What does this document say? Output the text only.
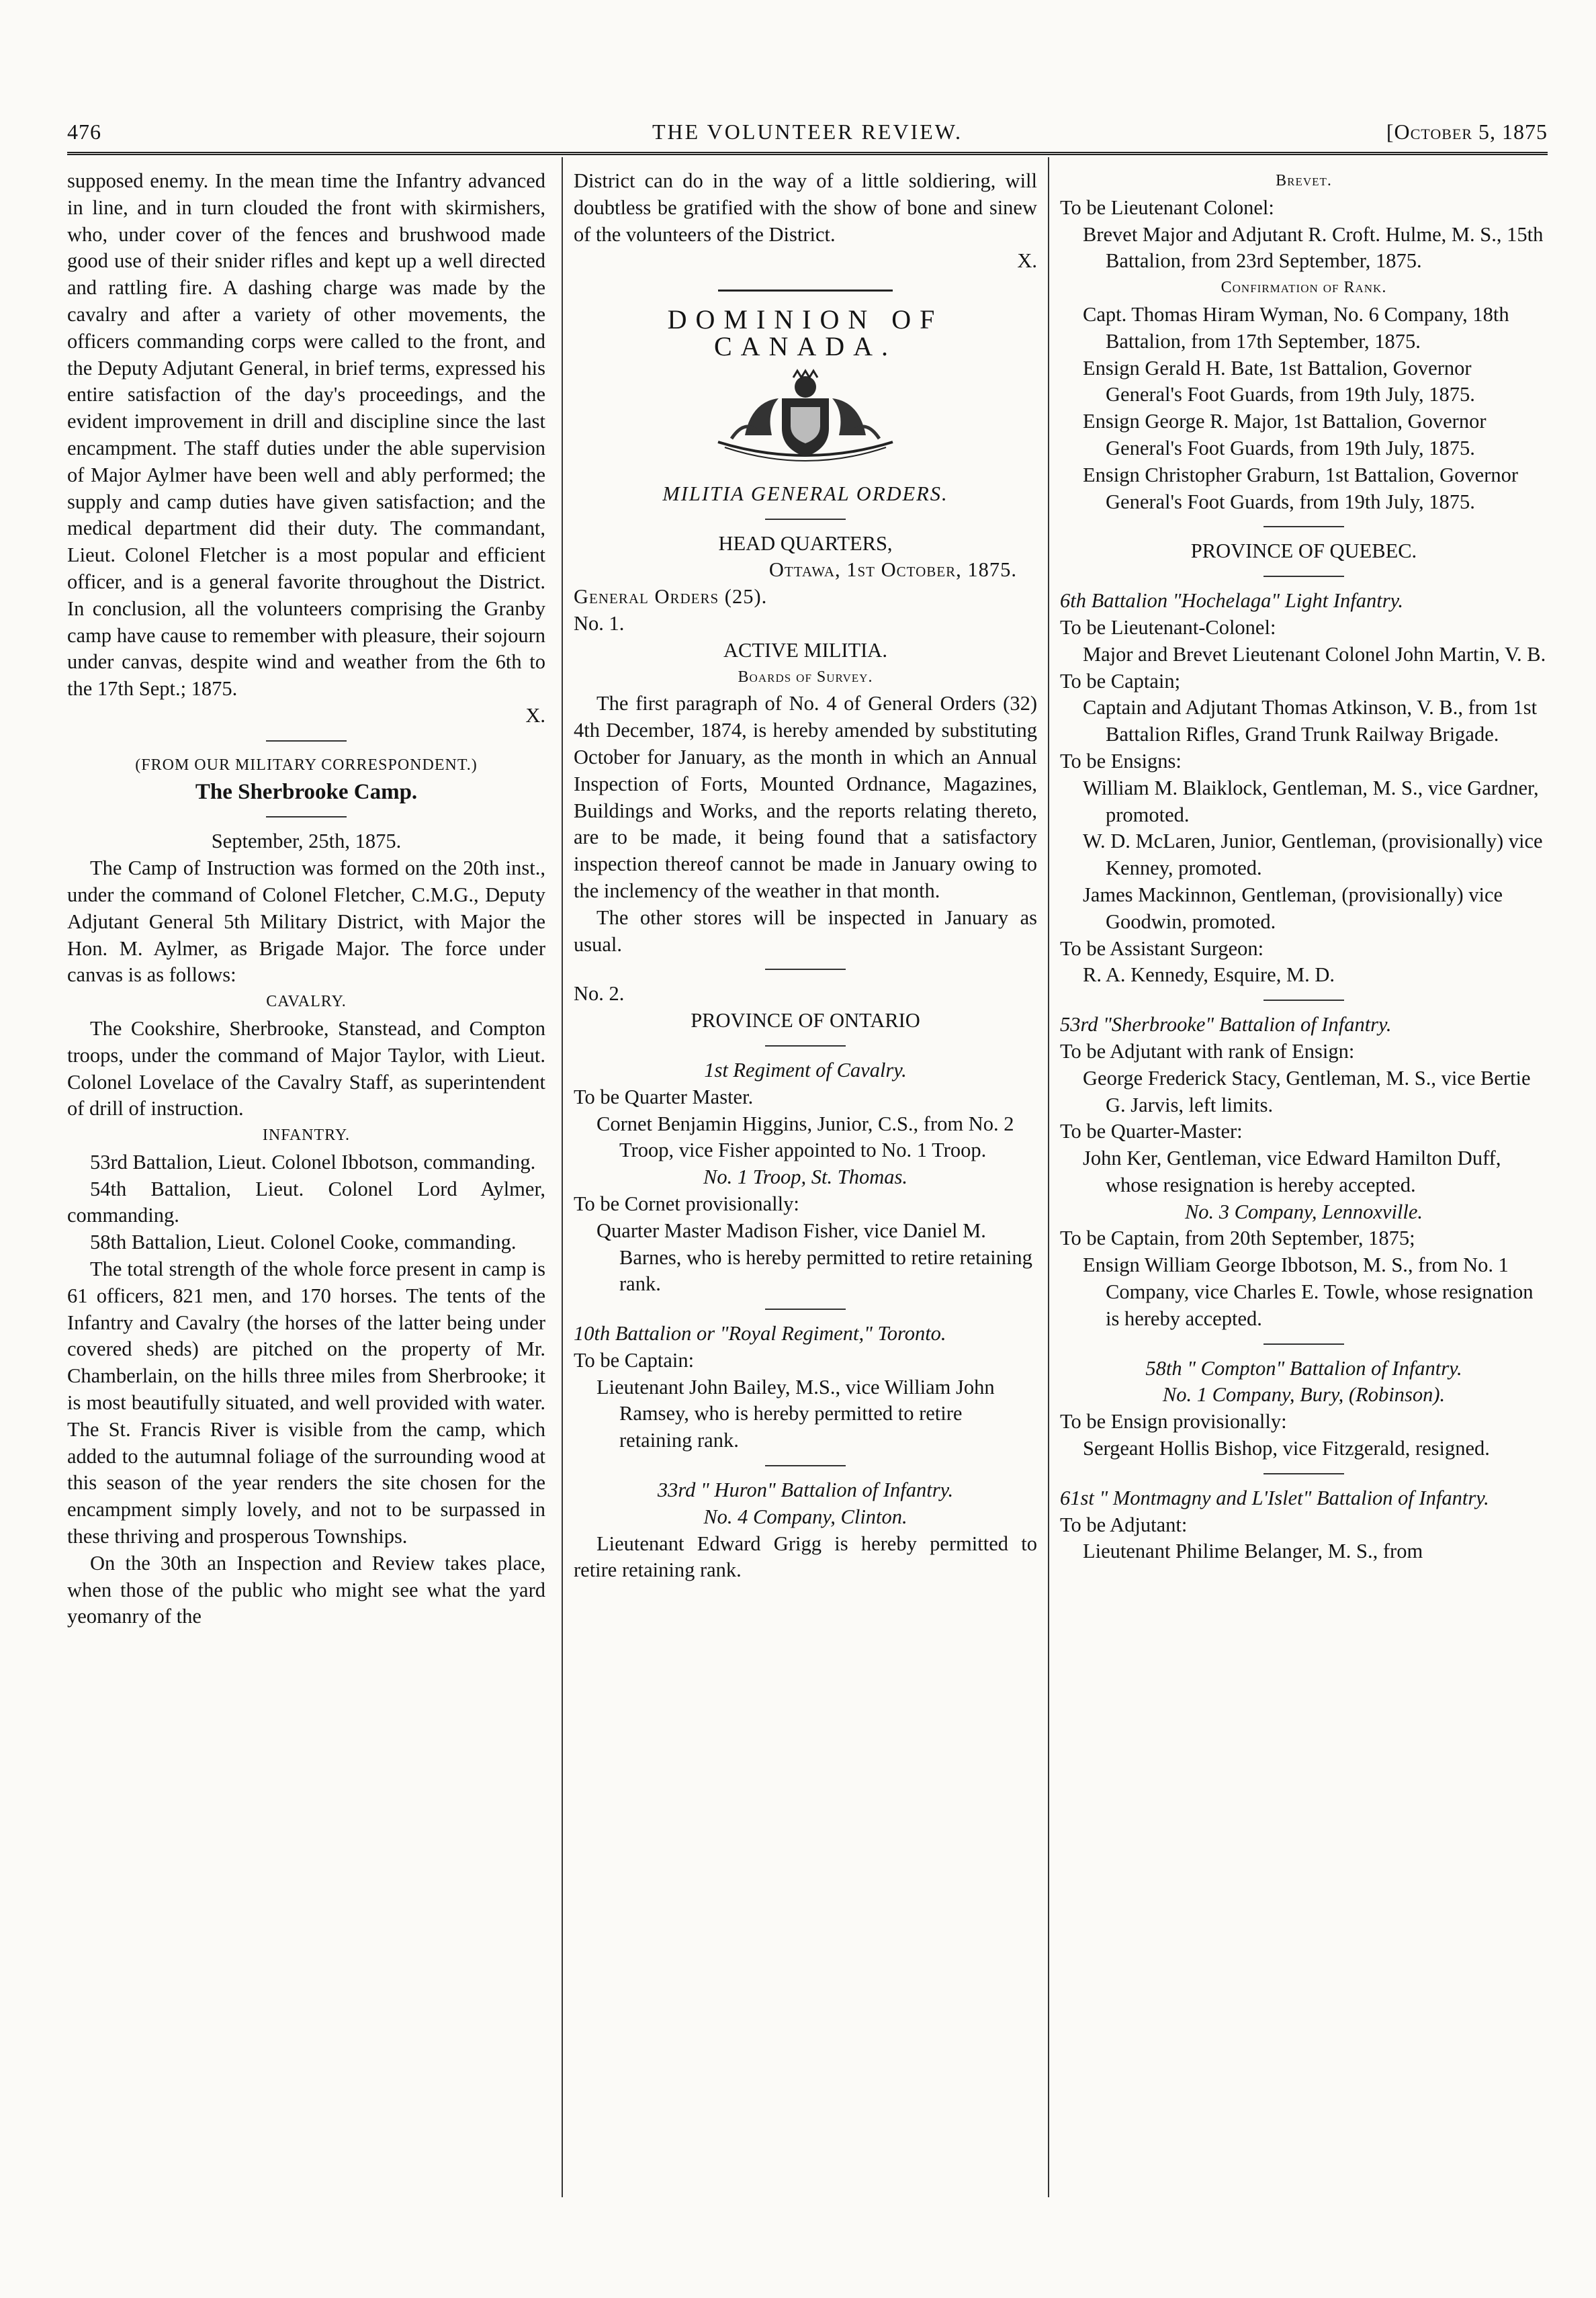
476	THE VOLUNTEER REVIEW.	[October 5, 1875

supposed enemy. In the mean time the Infantry advanced in line, and in turn clouded the front with skirmishers, who, under cover of the fences and brushwood made good use of their snider rifles and kept up a well directed and rattling fire. A dashing charge was made by the cavalry and after a variety of other movements, the officers commanding corps were called to the front, and the Deputy Adjutant General, in brief terms, expressed his entire satisfaction of the day's proceedings, and the evident improvement in drill and discipline since the last encampment. The staff duties under the able supervision of Major Aylmer have been well and ably performed; the supply and camp duties have given satisfaction; and the medical department did their duty. The commandant, Lieut. Colonel Fletcher is a most popular and efficient officer, and is a general favorite throughout the District. In conclusion, all the volunteers comprising the Granby camp have cause to remember with pleasure, their sojourn under canvas, despite wind and weather from the 6th to the 17th Sept.; 1875.

X.

(FROM OUR MILITARY CORRESPONDENT.)

The Sherbrooke Camp.

September, 25th, 1875.

The Camp of Instruction was formed on the 20th inst., under the command of Colonel Fletcher, C.M.G., Deputy Adjutant General 5th Military District, with Major the Hon. M. Aylmer, as Brigade Major. The force under canvas is as follows:

CAVALRY.

The Cookshire, Sherbrooke, Stanstead, and Compton troops, under the command of Major Taylor, with Lieut. Colonel Lovelace of the Cavalry Staff, as superintendent of drill of instruction.

INFANTRY.

53rd Battalion, Lieut. Colonel Ibbotson, commanding.

54th Battalion, Lieut. Colonel Lord Aylmer, commanding.

58th Battalion, Lieut. Colonel Cooke, commanding.

The total strength of the whole force present in camp is 61 officers, 821 men, and 170 horses. The tents of the Infantry and Cavalry (the horses of the latter being under covered sheds) are pitched on the property of Mr. Chamberlain, on the hills three miles from Sherbrooke; it is most beautifully situated, and well provided with water. The St. Francis River is visible from the camp, which added to the autumnal foliage of the surrounding wood at this season of the year renders the site chosen for the encampment simply lovely, and not to be surpassed in these thriving and prosperous Townships.

On the 30th an Inspection and Review takes place, when those of the public who might see what the yard yeomanry of the

District can do in the way of a little soldiering, will doubtless be gratified with the show of bone and sinew of the volunteers of the District.

X.

DOMINION OF CANADA.

MILITIA GENERAL ORDERS.

HEAD QUARTERS,

Ottawa, 1st October, 1875.

General Orders (25).

No. 1.

ACTIVE MILITIA.

Boards of Survey.

The first paragraph of No. 4 of General Orders (32) 4th December, 1874, is hereby amended by substituting October for January, as the month in which an Annual Inspection of Forts, Mounted Ordnance, Magazines, Buildings and Works, and the reports relating thereto, are to be made, it being found that a satisfactory inspection thereof cannot be made in January owing to the inclemency of the weather in that month.

The other stores will be inspected in January as usual.

No. 2.

PROVINCE OF ONTARIO

1st Regiment of Cavalry.

To be Quarter Master.

Cornet Benjamin Higgins, Junior, C.S., from No. 2 Troop, vice Fisher appointed to No. 1 Troop.

No. 1 Troop, St. Thomas.

To be Cornet provisionally:

Quarter Master Madison Fisher, vice Daniel M. Barnes, who is hereby permitted to retire retaining rank.

10th Battalion or "Royal Regiment," Toronto.

To be Captain:

Lieutenant John Bailey, M.S., vice William John Ramsey, who is hereby permitted to retire retaining rank.

33rd " Huron" Battalion of Infantry.

No. 4 Company, Clinton.

Lieutenant Edward Grigg is hereby permitted to retire retaining rank.

Brevet.

To be Lieutenant Colonel:

Brevet Major and Adjutant R. Croft. Hulme, M. S., 15th Battalion, from 23rd September, 1875.

Confirmation of Rank.

Capt. Thomas Hiram Wyman, No. 6 Company, 18th Battalion, from 17th September, 1875.

Ensign Gerald H. Bate, 1st Battalion, Governor General's Foot Guards, from 19th July, 1875.

Ensign George R. Major, 1st Battalion, Governor General's Foot Guards, from 19th July, 1875.

Ensign Christopher Graburn, 1st Battalion, Governor General's Foot Guards, from 19th July, 1875.

PROVINCE OF QUEBEC.

6th Battalion "Hochelaga" Light Infantry.

To be Lieutenant-Colonel:

Major and Brevet Lieutenant Colonel John Martin, V. B.

To be Captain;

Captain and Adjutant Thomas Atkinson, V. B., from 1st Battalion Rifles, Grand Trunk Railway Brigade.

To be Ensigns:

William M. Blaiklock, Gentleman, M. S., vice Gardner, promoted.

W. D. McLaren, Junior, Gentleman, (provisionally) vice Kenney, promoted.

James Mackinnon, Gentleman, (provisionally) vice Goodwin, promoted.

To be Assistant Surgeon:

R. A. Kennedy, Esquire, M. D.

53rd "Sherbrooke" Battalion of Infantry.

To be Adjutant with rank of Ensign:

George Frederick Stacy, Gentleman, M. S., vice Bertie G. Jarvis, left limits.

To be Quarter-Master:

John Ker, Gentleman, vice Edward Hamilton Duff, whose resignation is hereby accepted.

No. 3 Company, Lennoxville.

To be Captain, from 20th September, 1875;

Ensign William George Ibbotson, M. S., from No. 1 Company, vice Charles E. Towle, whose resignation is hereby accepted.

58th " Compton" Battalion of Infantry.

No. 1 Company, Bury, (Robinson).

To be Ensign provisionally:

Sergeant Hollis Bishop, vice Fitzgerald, resigned.

61st " Montmagny and L'Islet" Battalion of Infantry.

To be Adjutant:

Lieutenant Philime Belanger, M. S., from
